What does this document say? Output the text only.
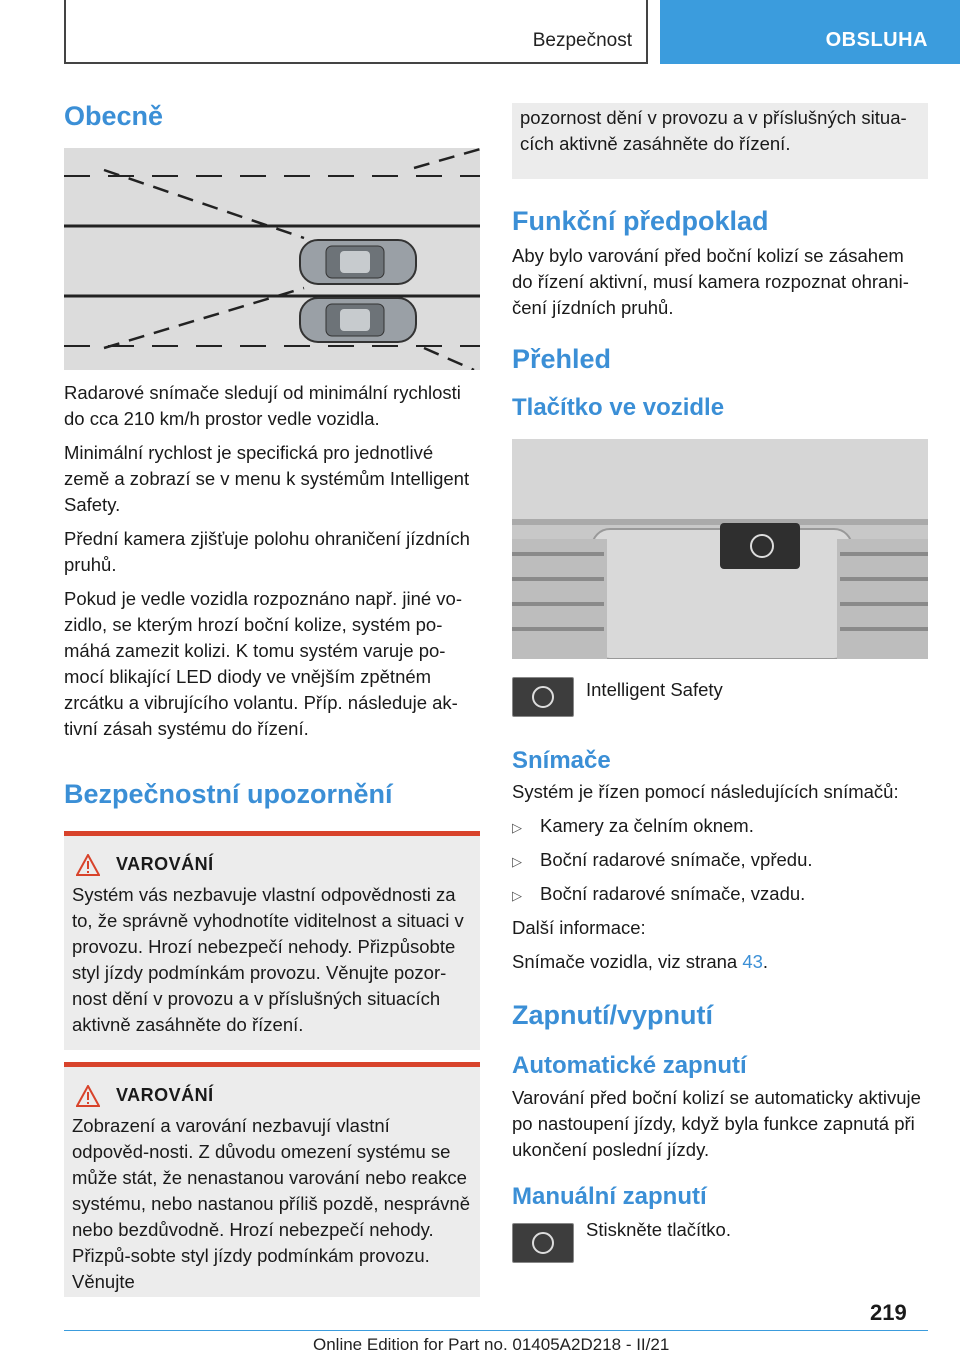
Bezpečnost	OBSLUHA
Obecně

Radarové snímače sledují od minimální rychlosti do cca 210 km/h prostor vedle vozidla.

Minimální rychlost je specifická pro jednotlivé země a zobrazí se v menu k systémům Intelligent Safety.

Přední kamera zjišťuje polohu ohraničení jízdních pruhů.

Pokud je vedle vozidla rozpoznáno např. jiné vo-zidlo, se kterým hrozí boční kolize, systém po-máhá zamezit kolizi. K tomu systém varuje po-mocí blikající LED diody ve vnějším zpětném zrcátku a vibrujícího volantu. Příp. následuje ak-tivní zásah systému do řízení.

Bezpečnostní upozornění
VAROVÁNÍ

Systém vás nezbavuje vlastní odpovědnosti za to, že správně vyhodnotíte viditelnost a situaci v provozu. Hrozí nebezpečí nehody. Přizpůsobte styl jízdy podmínkám provozu. Věnujte pozor-nost dění v provozu a v příslušných situacích aktivně zasáhněte do řízení.

VAROVÁNÍ

Zobrazení a varování nezbavují vlastní odpověd-nosti. Z důvodu omezení systému se může stát, že nenastanou varování nebo reakce systému, nebo nastanou příliš pozdě, nesprávně nebo bezdůvodně. Hrozí nebezpečí nehody. Přizpů-sobte styl jízdy podmínkám provozu. Věnujte

pozornost dění v provozu a v příslušných situa-cích aktivně zasáhněte do řízení.
Funkční předpoklad

Aby bylo varování před boční kolizí se zásahem do řízení aktivní, musí kamera rozpoznat ohrani-čení jízdních pruhů.

Přehled
Tlačítko ve vozidle
Intelligent Safety
Snímače

Systém je řízen pomocí následujících snímačů:

▷ Kamery za čelním oknem.
▷ Boční radarové snímače, vpředu.
▷ Boční radarové snímače, vzadu.

Další informace:

Snímače vozidla, viz strana 43.

Zapnutí/vypnutí
Automatické zapnutí

Varování před boční kolizí se automaticky aktivuje po nastoupení jízdy, když byla funkce zapnutá při ukončení poslední jízdy.

Manuální zapnutí
Stiskněte tlačítko.
219
Online Edition for Part no. 01405A2D218 - II/21
